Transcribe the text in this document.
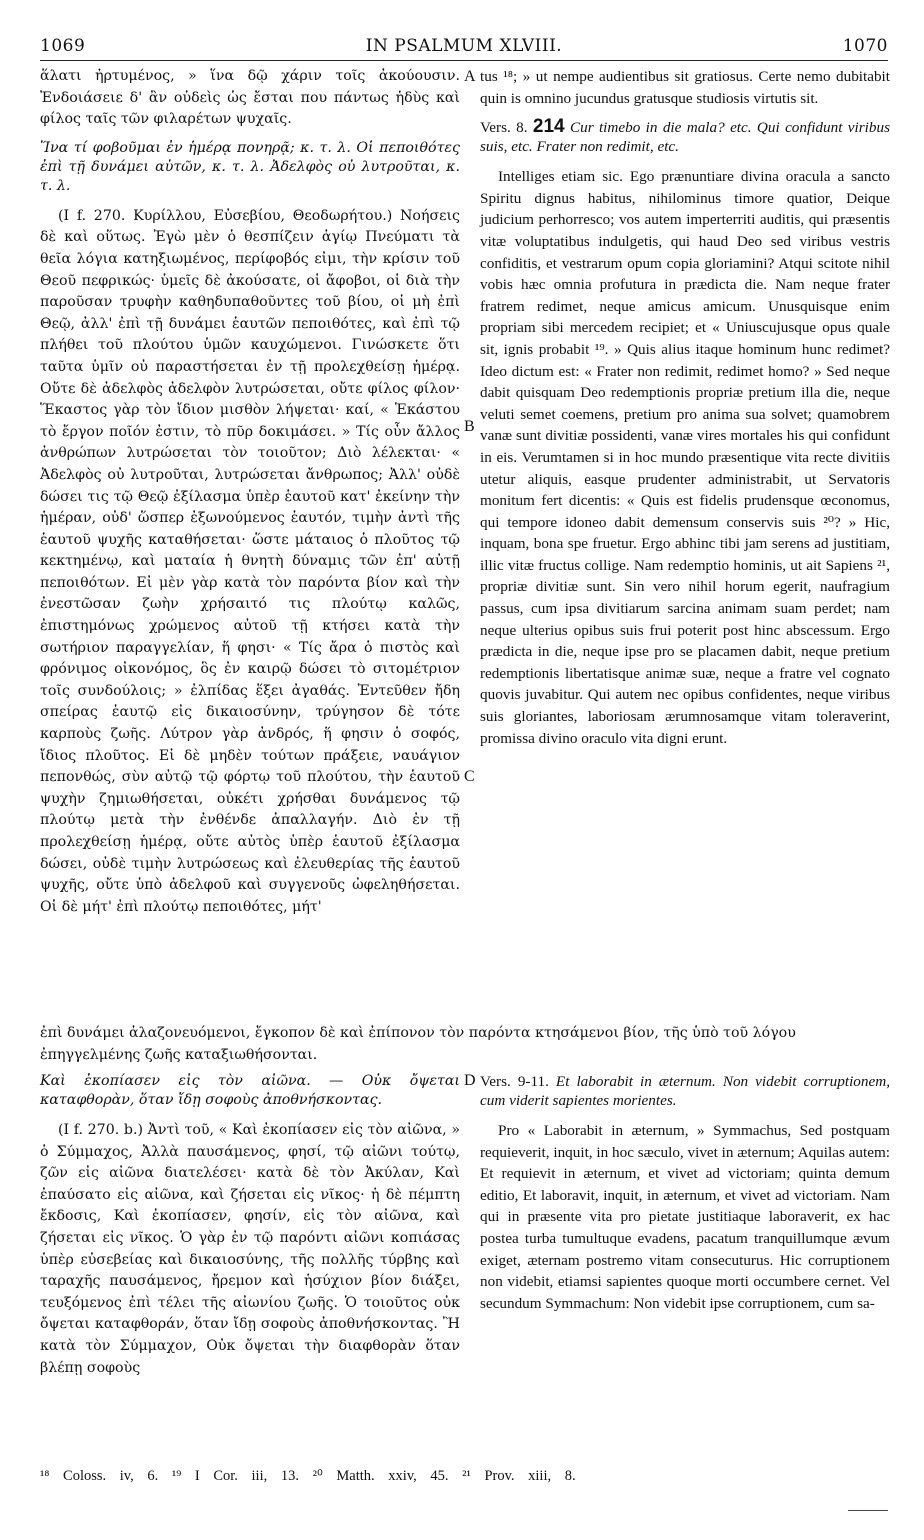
1069	IN PSALMUM XLVIII.	1070

ἅλατι ἠρτυμένος, » ἵνα δῷ χάριν τοῖς ἀκούουσιν. Ἐνδοιάσειε δ' ἂν οὐδεὶς ὡς ἔσται που πάντως ἡδὺς καὶ φίλος ταῖς τῶν φιλαρέτων ψυχαῖς.

Ἵνα τί φοβοῦμαι ἐν ἡμέρᾳ πονηρᾷ; κ. τ. λ. Οἱ πεποιθότες ἐπὶ τῇ δυνάμει αὐτῶν, κ. τ. λ. Ἀδελφὸς οὐ λυτροῦται, κ. τ. λ.

(I f. 270. Κυρίλλου, Εὐσεβίου, Θεοδωρήτου.) Νοήσεις δὲ καὶ οὕτως. Ἐγὼ μὲν ὁ θεσπίζειν ἁγίῳ Πνεύματι τὰ θεῖα λόγια κατηξιωμένος, περίφοβός εἰμι, τὴν κρίσιν τοῦ Θεοῦ πεφρικώς· ὑμεῖς δὲ ἀκούσατε, οἱ ἄφοβοι, οἱ διὰ τὴν παροῦσαν τρυφὴν καθηδυπαθοῦντες τοῦ βίου, οἱ μὴ ἐπὶ Θεῷ, ἀλλ' ἐπὶ τῇ δυνάμει ἑαυτῶν πεποιθότες, καὶ ἐπὶ τῷ πλήθει τοῦ πλούτου ὑμῶν καυχώμενοι. Γινώσκετε ὅτι ταῦτα ὑμῖν οὐ παραστήσεται ἐν τῇ προλεχθείσῃ ἡμέρᾳ. Οὔτε δὲ ἀδελφὸς ἀδελφὸν λυτρώσεται, οὔτε φίλος φίλον· Ἕκαστος γὰρ τὸν ἴδιον μισθὸν λήψεται· καί, « Ἑκάστου τὸ ἔργον ποῖόν ἐστιν, τὸ πῦρ δοκιμάσει. » Τίς οὖν ἄλλος ἀνθρώπων λυτρώσεται τὸν τοιοῦτον; Διὸ λέλεκται· « Ἀδελφὸς οὐ λυτροῦται, λυτρώσεται ἄνθρωπος; Ἀλλ' οὐδὲ δώσει τις τῷ Θεῷ ἐξίλασμα ὑπὲρ ἑαυτοῦ κατ' ἐκείνην τὴν ἡμέραν, οὐδ' ὥσπερ ἐξωνούμενος ἑαυτόν, τιμὴν ἀντὶ τῆς ἑαυτοῦ ψυχῆς καταθήσεται· ὥστε μάταιος ὁ πλοῦτος τῷ κεκτημένῳ, καὶ ματαία ἡ θνητὴ δύναμις τῶν ἐπ' αὐτῇ πεποιθότων. Εἰ μὲν γὰρ κατὰ τὸν παρόντα βίον καὶ τὴν ἐνεστῶσαν ζωὴν χρήσαιτό τις πλούτῳ καλῶς, ἐπιστημόνως χρώμενος αὐτοῦ τῇ κτήσει κατὰ τὴν σωτήριον παραγγελίαν, ἥ φησι· « Τίς ἄρα ὁ πιστὸς καὶ φρόνιμος οἰκονόμος, ὃς ἐν καιρῷ δώσει τὸ σιτομέτριον τοῖς συνδούλοις; » ἐλπίδας ἕξει ἀγαθάς. Ἐντεῦθεν ἤδη σπείρας ἑαυτῷ εἰς δικαιοσύνην, τρύγησον δὲ τότε καρποὺς ζωῆς. Λύτρον γὰρ ἀνδρός, ἥ φησιν ὁ σοφός, ἴδιος πλοῦτος. Εἰ δὲ μηδὲν τούτων πράξειε, ναυάγιον πεπονθώς, σὺν αὐτῷ τῷ φόρτῳ τοῦ πλούτου, τὴν ἑαυτοῦ ψυχὴν ζημιωθήσεται, οὐκέτι χρήσθαι δυνάμενος τῷ πλούτῳ μετὰ τὴν ἐνθένδε ἀπαλλαγήν. Διὸ ἐν τῇ προλεχθείσῃ ἡμέρᾳ, οὔτε αὐτὸς ὑπὲρ ἑαυτοῦ ἐξίλασμα δώσει, οὐδὲ τιμὴν λυτρώσεως καὶ ἐλευθερίας τῆς ἑαυτοῦ ψυχῆς, οὔτε ὑπὸ ἀδελφοῦ καὶ συγγενοῦς ὠφεληθήσεται. Οἱ δὲ μήτ' ἐπὶ πλούτῳ πεποιθότες, μήτ'

ἐπὶ δυνάμει ἀλαζονευόμενοι, ἔγκοπον δὲ καὶ ἐπίπονον τὸν παρόντα κτησάμενοι βίον, τῆς ὑπὸ τοῦ λόγου
ἐπηγγελμένης ζωῆς καταξιωθήσονται.

Καὶ ἐκοπίασεν εἰς τὸν αἰῶνα. — Οὐκ ὄψεται καταφθορὰν, ὅταν ἴδῃ σοφοὺς ἀποθνήσκοντας.

(I f. 270. b.) Ἀντὶ τοῦ, « Καὶ ἐκοπίασεν εἰς τὸν αἰῶνα, » ὁ Σύμμαχος, Ἀλλὰ παυσάμενος, φησί, τῷ αἰῶνι τούτῳ, ζῶν εἰς αἰῶνα διατελέσει· κατὰ δὲ τὸν Ἀκύλαν, Καὶ ἐπαύσατο εἰς αἰῶνα, καὶ ζήσεται εἰς νῖκος· ἡ δὲ πέμπτη ἔκδοσις, Καὶ ἐκοπίασεν, φησίν, εἰς τὸν αἰῶνα, καὶ ζήσεται εἰς νῖκος. Ὁ γὰρ ἐν τῷ παρόντι αἰῶνι κοπιάσας ὑπὲρ εὐσεβείας καὶ δικαιοσύνης, τῆς πολλῆς τύρβης καὶ ταραχῆς παυσάμενος, ἤρεμον καὶ ἡσύχιον βίον διάξει, τευξόμενος ἐπὶ τέλει τῆς αἰωνίου ζωῆς. Ὁ τοιοῦτος οὐκ ὄψεται καταφθοράν, ὅταν ἴδῃ σοφοὺς ἀποθνήσκοντας. Ἢ κατὰ τὸν Σύμμαχον, Οὐκ ὄψεται τὴν διαφθορὰν ὅταν βλέπῃ σοφοὺς

tus ¹⁸; » ut nempe audientibus sit gratiosus. Certe nemo dubitabit quin is omnino jucundus gratusque studiosis virtutis sit.

Vers. 8. 214 Cur timebo in die mala? etc. Qui confidunt viribus suis, etc. Frater non redimit, etc.

Intelliges etiam sic. Ego prænuntiare divina oracula a sancto Spiritu dignus habitus, nihilominus timore quatior, Deique judicium perhorresco; vos autem imperterriti auditis, qui præsentis vitæ voluptatibus indulgetis, qui haud Deo sed viribus vestris confiditis, et vestrarum opum copia gloriamini? Atqui scitote nihil vobis hæc omnia profutura in prædicta die. Nam neque frater fratrem redimet, neque amicus amicum. Unusquisque enim propriam sibi mercedem recipiet; et « Uniuscujusque opus quale sit, ignis probabit ¹⁹. » Quis alius itaque hominum hunc redimet? Ideo dictum est: « Frater non redimit, redimet homo? » Sed neque dabit quisquam Deo redemptionis propriæ pretium illa die, neque veluti semet coemens, pretium pro anima sua solvet; quamobrem vanæ sunt divitiæ possidenti, vanæ vires mortales his qui confidunt in eis. Verumtamen si in hoc mundo præsentique vita recte divitiis utetur aliquis, easque prudenter administrabit, ut Servatoris monitum fert dicentis: « Quis est fidelis prudensque œconomus, qui tempore idoneo dabit demensum conservis suis ²⁰? » Hic, inquam, bona spe fruetur. Ergo abhinc tibi jam serens ad justitiam, illic vitæ fructus collige. Nam redemptio hominis, ut ait Sapiens ²¹, propriæ divitiæ sunt. Sin vero nihil horum egerit, naufragium passus, cum ipsa divitiarum sarcina animam suam perdet; nam neque ulterius opibus suis frui poterit post hinc abscessum. Ergo prædicta in die, neque ipse pro se placamen dabit, neque pretium redemptionis libertatisque animæ suæ, neque a fratre vel cognato quovis juvabitur. Qui autem nec opibus confidentes, neque viribus suis gloriantes, laboriosam ærumnosamque vitam toleraverint, promissa divino oraculo vita digni erunt.

Vers. 9-11. Et laborabit in æternum. Non videbit corruptionem, cum viderit sapientes morientes.

Pro « Laborabit in æternum, » Symmachus, Sed postquam requieverit, inquit, in hoc sæculo, vivet in æternum; Aquilas autem: Et requievit in æternum, et vivet ad victoriam; quinta demum editio, Et laboravit, inquit, in æternum, et vivet ad victoriam. Nam qui in præsente vita pro pietate justitiaque laboraverit, ex hac postea turba tumultuque evadens, pacatum tranquillumque ævum exiget, æternam postremo vitam consecuturus. Hic corruptionem non videbit, etiamsi sapientes quoque morti occumbere cernet. Vel secundum Symmachum: Non videbit ipse corruptionem, cum sa-

A
B
C
D
¹⁸ Coloss. iv, 6. ¹⁹ I Cor. iii, 13. ²⁰ Matth. xxiv, 45. ²¹ Prov. xiii, 8.
